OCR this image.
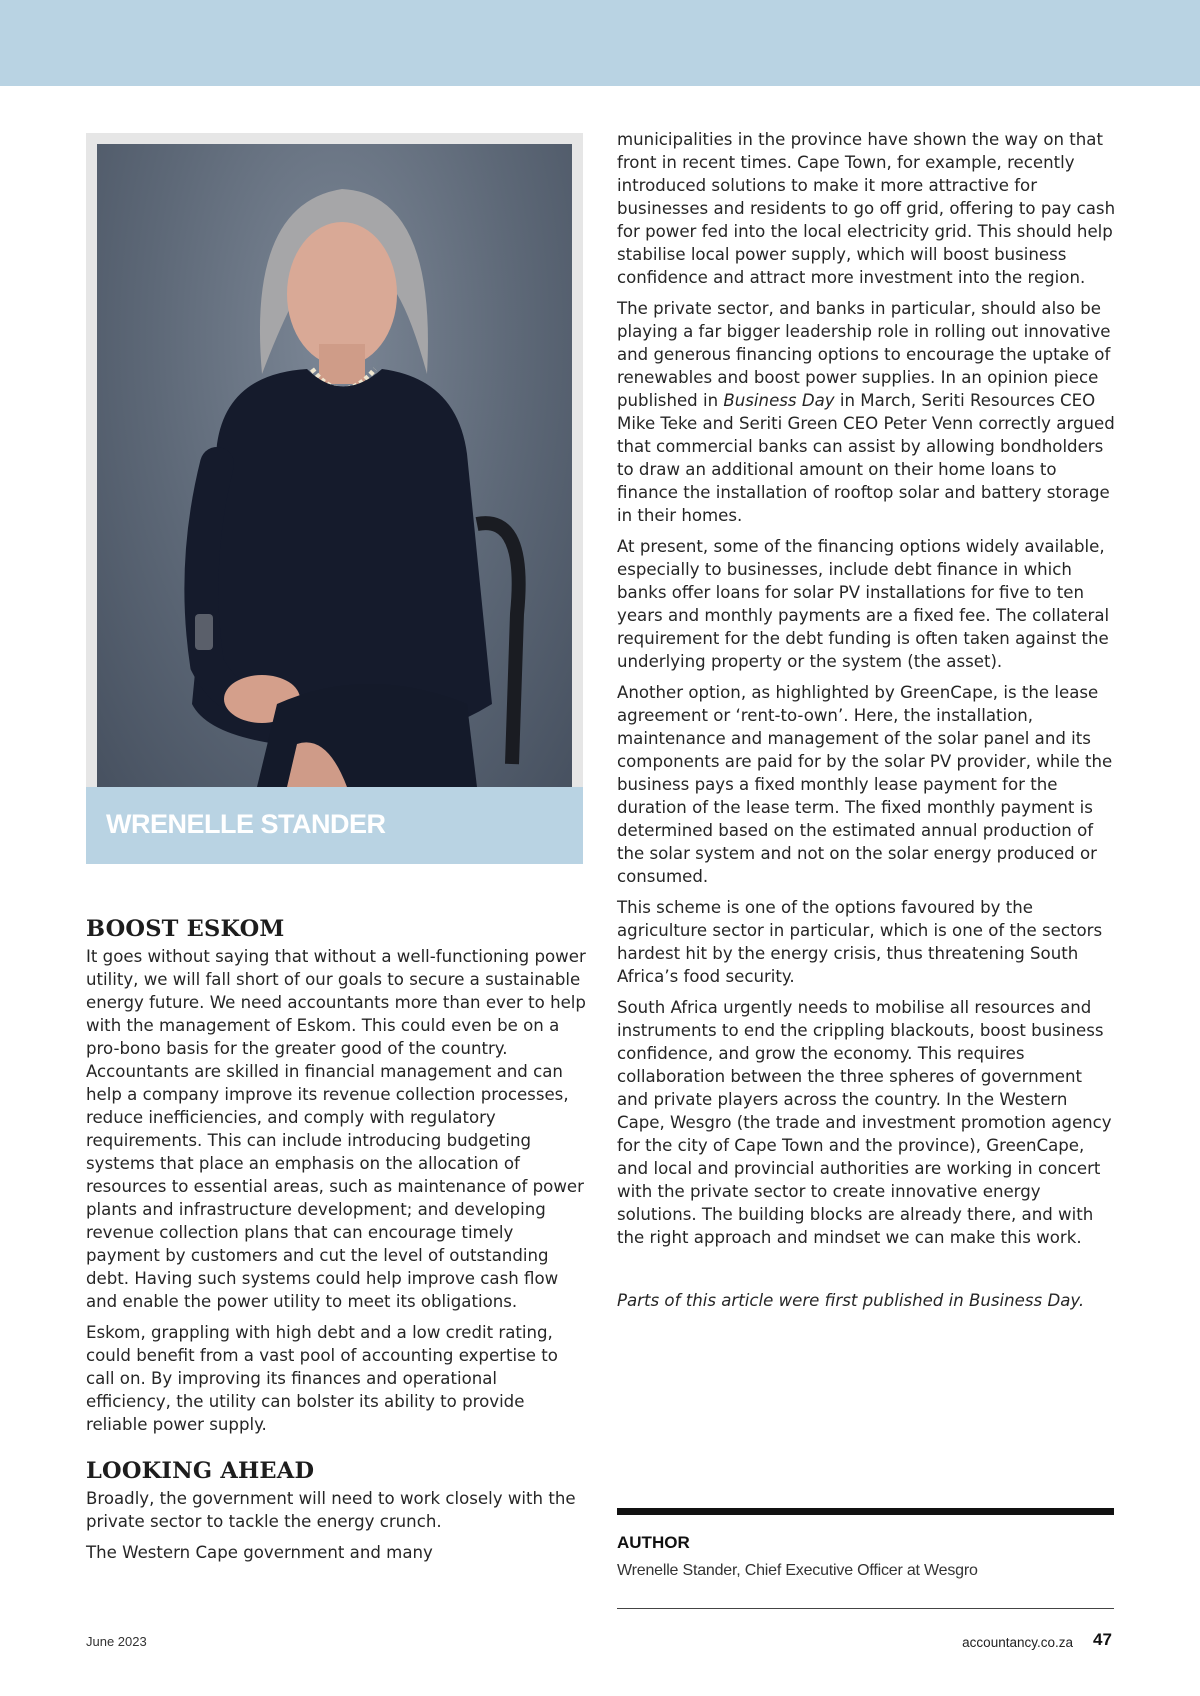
WRENELLE STANDER

BOOST ESKOM

It goes without saying that without a well-functioning power utility, we will fall short of our goals to secure a sustainable energy future. We need accountants more than ever to help with the management of Eskom. This could even be on a pro-bono basis for the greater good of the country. Accountants are skilled in financial management and can help a company improve its revenue collection processes, reduce inefficiencies, and comply with regulatory requirements. This can include introducing budgeting systems that place an emphasis on the allocation of resources to essential areas, such as maintenance of power plants and infrastructure development; and developing revenue collection plans that can encourage timely payment by customers and cut the level of outstanding debt. Having such systems could help improve cash flow and enable the power utility to meet its obligations.

Eskom, grappling with high debt and a low credit rating, could benefit from a vast pool of accounting expertise to call on. By improving its finances and operational efficiency, the utility can bolster its ability to provide reliable power supply.

LOOKING AHEAD

Broadly, the government will need to work closely with the private sector to tackle the energy crunch.

The Western Cape government and many

municipalities in the province have shown the way on that front in recent times. Cape Town, for example, recently introduced solutions to make it more attractive for businesses and residents to go off grid, offering to pay cash for power fed into the local electricity grid. This should help stabilise local power supply, which will boost business confidence and attract more investment into the region.

The private sector, and banks in particular, should also be playing a far bigger leadership role in rolling out innovative and generous financing options to encourage the uptake of renewables and boost power supplies. In an opinion piece published in Business Day in March, Seriti Resources CEO Mike Teke and Seriti Green CEO Peter Venn correctly argued that commercial banks can assist by allowing bondholders to draw an additional amount on their home loans to finance the installation of rooftop solar and battery storage in their homes.

At present, some of the financing options widely available, especially to businesses, include debt finance in which banks offer loans for solar PV installations for five to ten years and monthly payments are a fixed fee. The collateral requirement for the debt funding is often taken against the underlying property or the system (the asset).

Another option, as highlighted by GreenCape, is the lease agreement or ‘rent-to-own’. Here, the installation, maintenance and management of the solar panel and its components are paid for by the solar PV provider, while the business pays a fixed monthly lease payment for the duration of the lease term. The fixed monthly payment is determined based on the estimated annual production of the solar system and not on the solar energy produced or consumed.

This scheme is one of the options favoured by the agriculture sector in particular, which is one of the sectors hardest hit by the energy crisis, thus threatening South Africa’s food security.

South Africa urgently needs to mobilise all resources and instruments to end the crippling blackouts, boost business confidence, and grow the economy. This requires collaboration between the three spheres of government and private players across the country. In the Western Cape, Wesgro (the trade and investment promotion agency for the city of Cape Town and the province), GreenCape, and local and provincial authorities are working in concert with the private sector to create innovative energy solutions. The building blocks are already there, and with the right approach and mindset we can make this work.

Parts of this article were first published in Business Day.

AUTHOR

Wrenelle Stander, Chief Executive Officer at Wesgro

June 2023	accountancy.co.za 47
